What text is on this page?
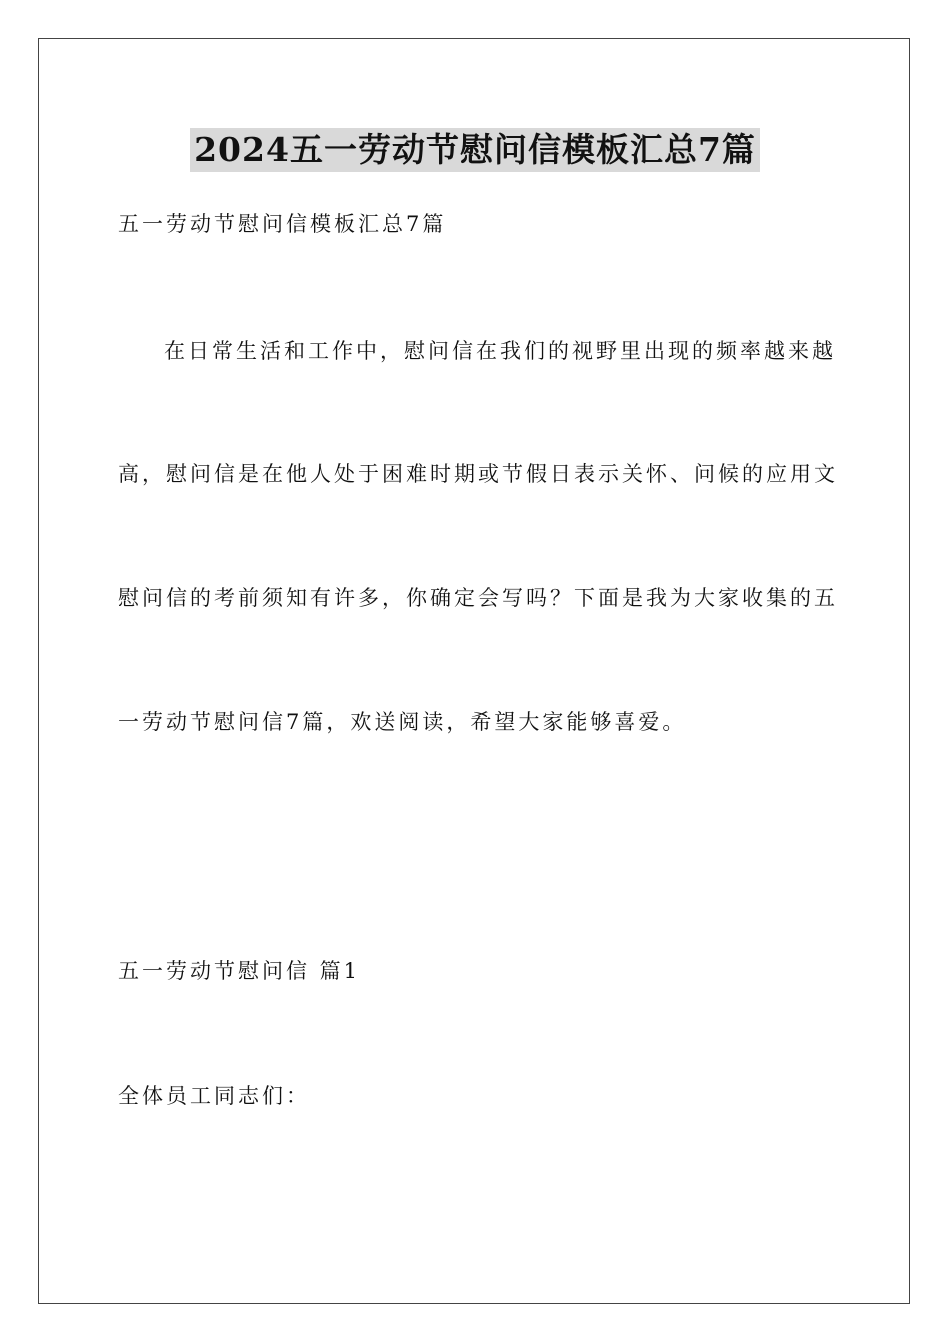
2024五一劳动节慰问信模板汇总7篇
五一劳动节慰问信模板汇总7篇
在日常生活和工作中，慰问信在我们的视野里出现的频率越来越
高，慰问信是在他人处于困难时期或节假日表示关怀、问候的应用文
慰问信的考前须知有许多，你确定会写吗？下面是我为大家收集的五
一劳动节慰问信7篇，欢送阅读，希望大家能够喜爱。
五一劳动节慰问信 篇1
全体员工同志们：
